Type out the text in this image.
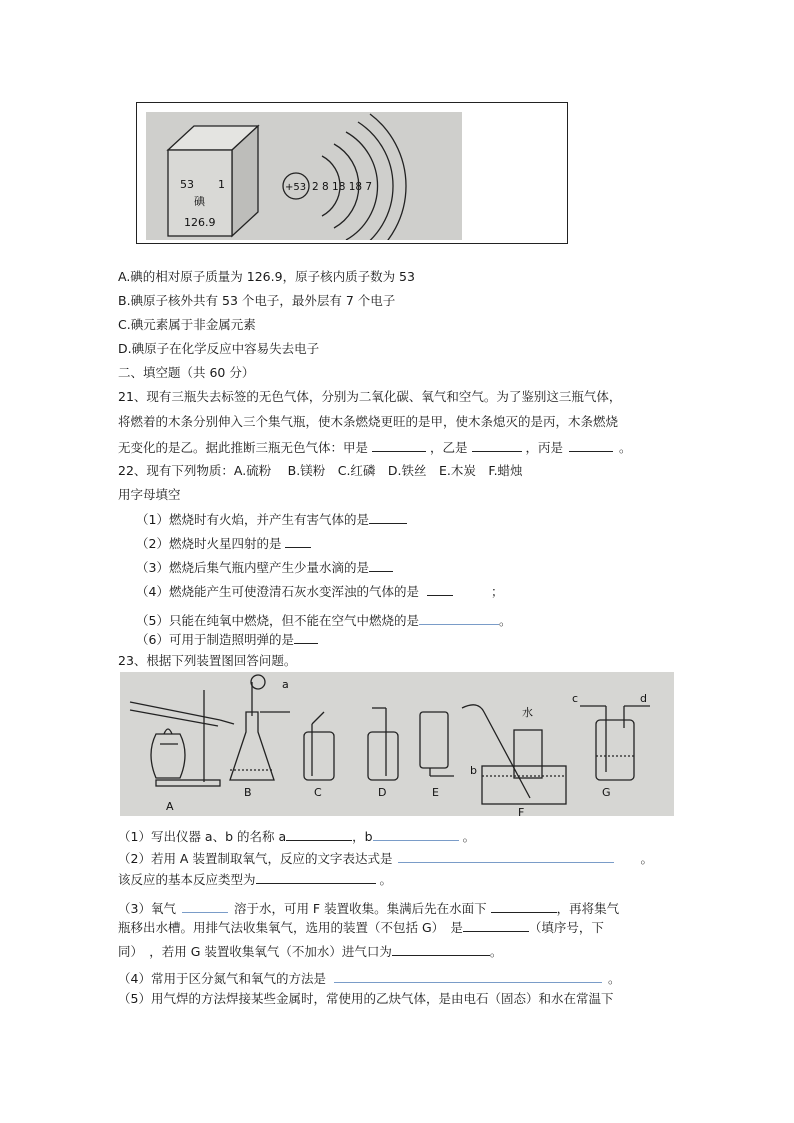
53 1
碘
126.9
+53 2 8 18 18 7
A.碘的相对原子质量为 126.9，原子核内质子数为 53
B.碘原子核外共有 53 个电子，最外层有 7 个电子
C.碘元素属于非金属元素
D.碘原子在化学反应中容易失去电子
二、填空题（共 60 分）
21、现有三瓶失去标签的无色气体，分别为二氧化碳、氧气和空气。为了鉴别这三瓶气体，
将燃着的木条分别伸入三个集气瓶，使木条燃烧更旺的是甲，使木条熄灭的是丙，木条燃烧
无变化的是乙。据此推断三瓶无色气体：甲是	，乙是	，丙是	。
22、现有下列物质：A.硫粉　 B.镁粉　C.红磷　D.铁丝　E.木炭　F.蜡烛
用字母填空
（1）燃烧时有火焰，并产生有害气体的是
（2）燃烧时火星四射的是
（3）燃烧后集气瓶内壁产生少量水滴的是
（4）燃烧能产生可使澄清石灰水变浑浊的气体的是	；
（5）只能在纯氧中燃烧，但不能在空气中燃烧的是	。
（6）可用于制造照明弹的是
23、根据下列装置图回答问题。
A
B	C	D	E
F
G
a
b
c	d
水
（1）写出仪器 a、b 的名称 a	，b	。
（2）若用 A 装置制取氧气，反应的文字表达式是	。
该反应的基本反应类型为	。
（3）氧气	溶于水，可用 F 装置收集。集满后先在水面下	，再将集气
瓶移出水槽。用排气法收集氧气，选用的装置（不包括 G）　是	（填序号，下
同）　，若用 G 装置收集氧气（不加水）进气口为	。
（4）常用于区分氮气和氧气的方法是	。
（5）用气焊的方法焊接某些金属时，常使用的乙炔气体，是由电石（固态）和水在常温下
